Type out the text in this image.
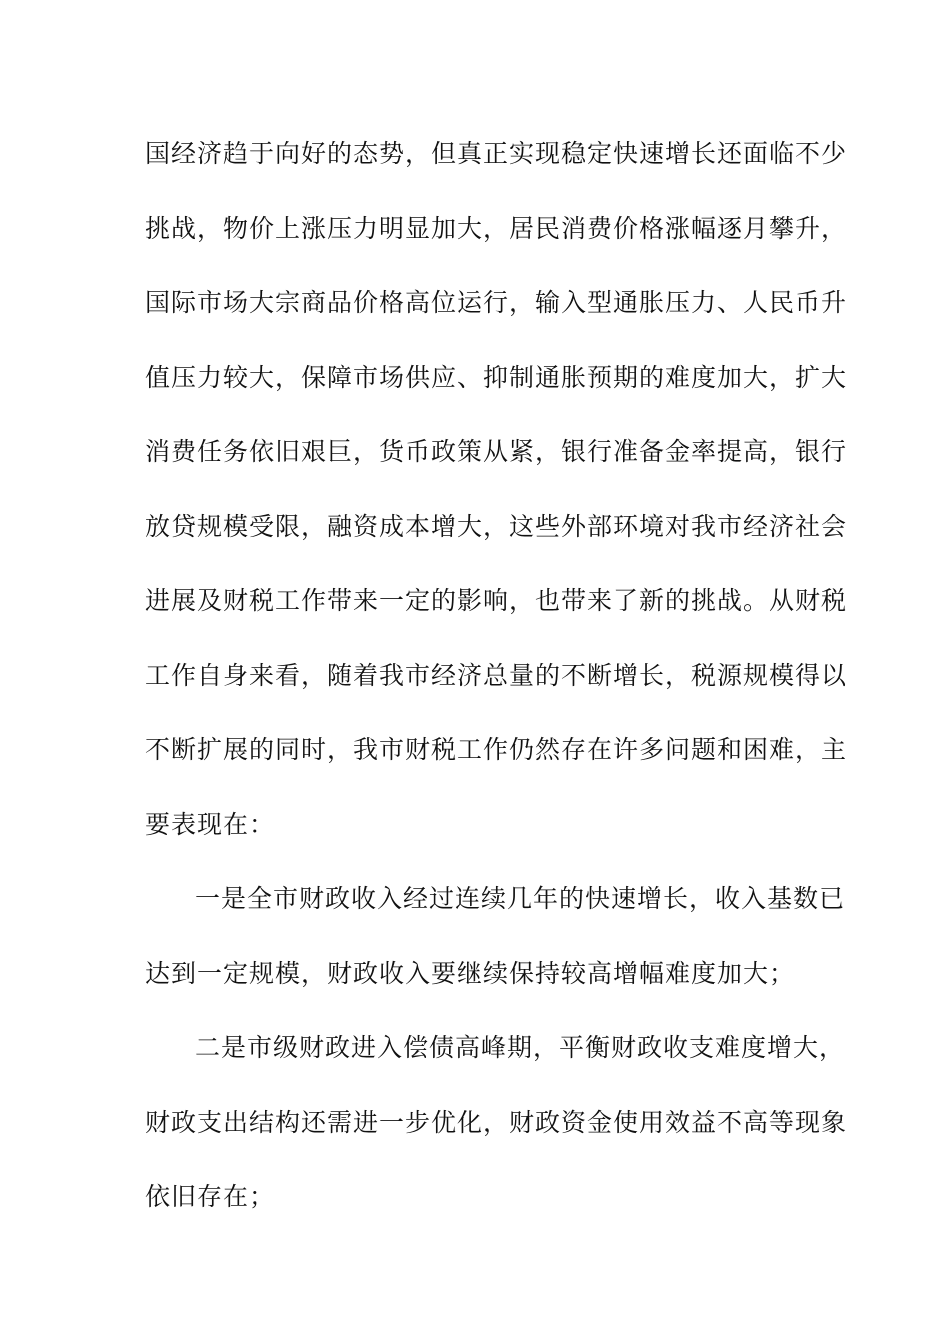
国经济趋于向好的态势，但真正实现稳定快速增长还面临不少
挑战，物价上涨压力明显加大，居民消费价格涨幅逐月攀升，
国际市场大宗商品价格高位运行，输入型通胀压力、人民币升
值压力较大，保障市场供应、抑制通胀预期的难度加大，扩大
消费任务依旧艰巨，货币政策从紧，银行准备金率提高，银行
放贷规模受限，融资成本增大，这些外部环境对我市经济社会
进展及财税工作带来一定的影响，也带来了新的挑战。从财税
工作自身来看，随着我市经济总量的不断增长，税源规模得以
不断扩展的同时，我市财税工作仍然存在许多问题和困难，主
要表现在：
一是全市财政收入经过连续几年的快速增长，收入基数已
达到一定规模，财政收入要继续保持较高增幅难度加大；
二是市级财政进入偿债高峰期，平衡财政收支难度增大，
财政支出结构还需进一步优化，财政资金使用效益不高等现象
依旧存在；
